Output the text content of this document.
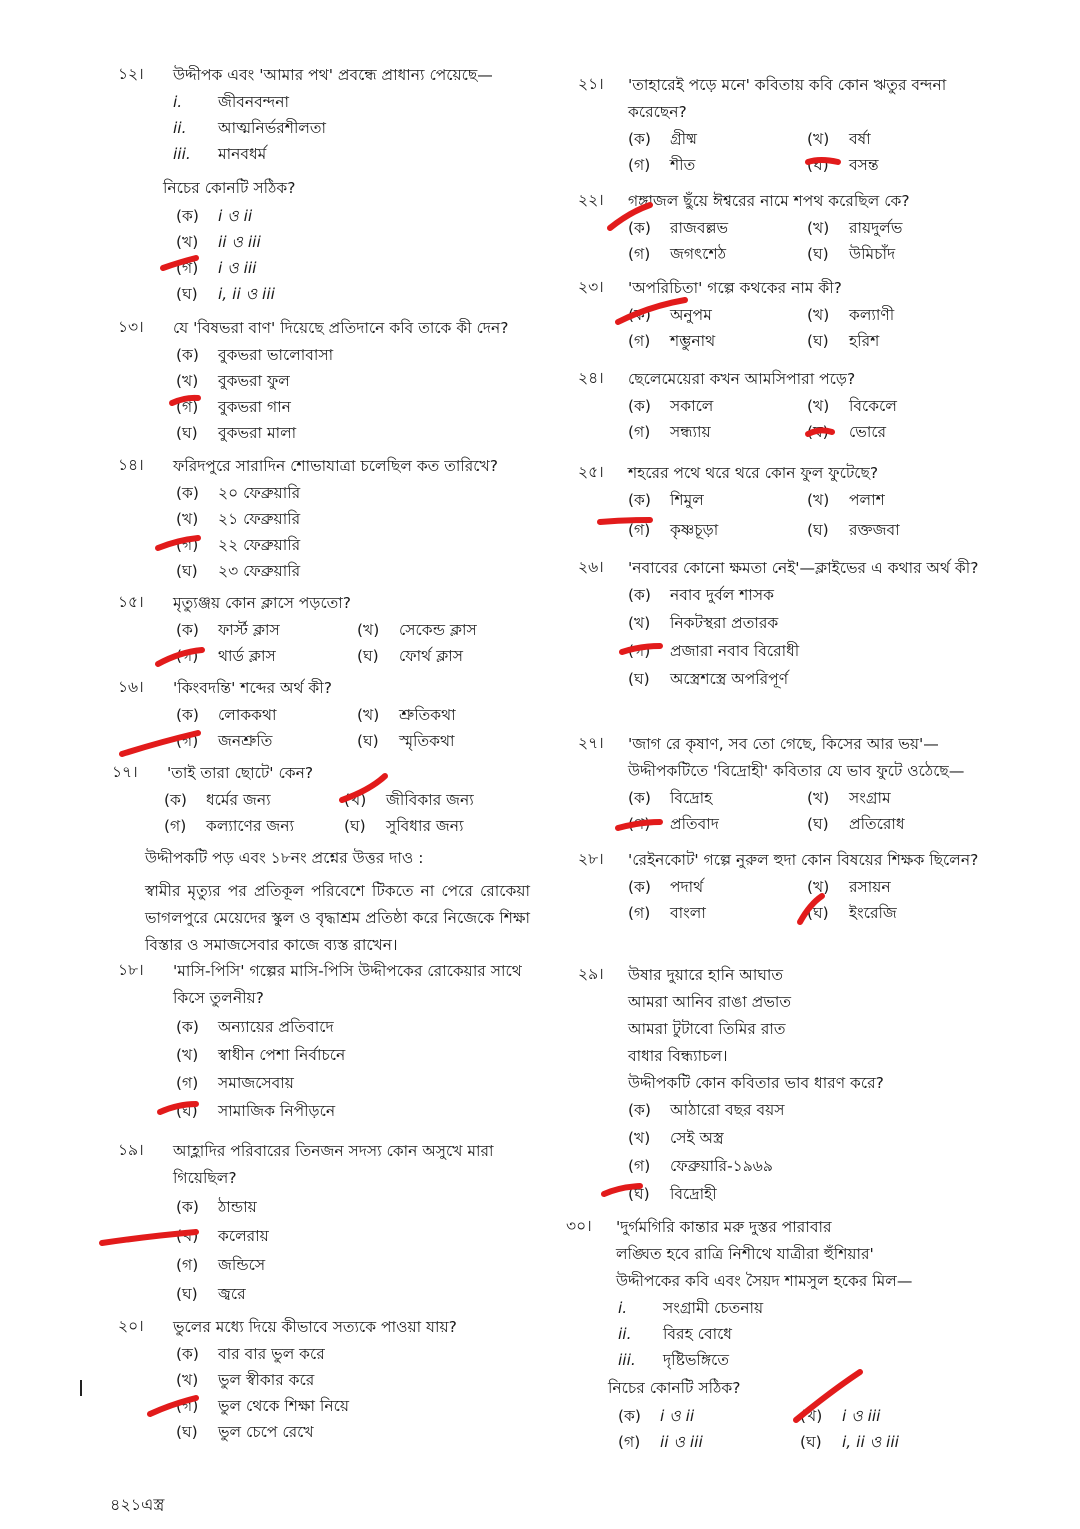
১২।	উদ্দীপক এবং 'আমার পথ' প্রবন্ধে প্রাধান্য পেয়েছে—
i.	জীবনবন্দনা
ii.	আত্মনির্ভরশীলতা
iii.	মানবধর্ম
নিচের কোনটি সঠিক?
(ক)	i ও ii
(খ)	ii ও iii
(গ)	i ও iii
(ঘ)	i, ii ও iii
১৩।	যে 'বিষভরা বাণ' দিয়েছে প্রতিদানে কবি তাকে কী দেন?
(ক)	বুকভরা ভালোবাসা
(খ)	বুকভরা ফুল
(গ)	বুকভরা গান
(ঘ)	বুকভরা মালা
১৪।	ফরিদপুরে সারাদিন শোভাযাত্রা চলেছিল কত তারিখে?
(ক)	২০ ফেব্রুয়ারি
(খ)	২১ ফেব্রুয়ারি
(গ)	২২ ফেব্রুয়ারি
(ঘ)	২৩ ফেব্রুয়ারি
১৫।	মৃত্যুঞ্জয় কোন ক্লাসে পড়তো?
(ক)	ফার্স্ট ক্লাস	(খ)	সেকেন্ড ক্লাস
(গ)	থার্ড ক্লাস	(ঘ)	ফোর্থ ক্লাস
১৬।	'কিংবদন্তি' শব্দের অর্থ কী?
(ক)	লোককথা	(খ)	শ্রুতিকথা
(গ)	জনশ্রুতি	(ঘ)	স্মৃতিকথা
১৭।	'তাই তারা ছোটে' কেন?
(ক)	ধর্মের জন্য	(খ)	জীবিকার জন্য
(গ)	কল্যাণের জন্য	(ঘ)	সুবিধার জন্য
উদ্দীপকটি পড় এবং ১৮নং প্রশ্নের উত্তর দাও :
স্বামীর মৃত্যুর পর প্রতিকূল পরিবেশে টিকতে না পেরে রোকেয়া ভাগলপুরে মেয়েদের স্কুল ও বৃদ্ধাশ্রম প্রতিষ্ঠা করে নিজেকে শিক্ষা বিস্তার ও সমাজসেবার কাজে ব্যস্ত রাখেন।
১৮।	'মাসি-পিসি' গল্পের মাসি-পিসি উদ্দীপকের রোকেয়ার সাথে কিসে তুলনীয়?
(ক)	অন্যায়ের প্রতিবাদে
(খ)	স্বাধীন পেশা নির্বাচনে
(গ)	সমাজসেবায়
(ঘ)	সামাজিক নিপীড়নে
১৯।	আহ্লাদির পরিবারের তিনজন সদস্য কোন অসুখে মারা গিয়েছিল?
(ক)	ঠান্ডায়
(খ)	কলেরায়
(গ)	জন্ডিসে
(ঘ)	জ্বরে
২০।	ভুলের মধ্যে দিয়ে কীভাবে সত্যকে পাওয়া যায়?
(ক)	বার বার ভুল করে
(খ)	ভুল স্বীকার করে
(গ)	ভুল থেকে শিক্ষা নিয়ে
(ঘ)	ভুল চেপে রেখে
২১।	'তাহারেই পড়ে মনে' কবিতায় কবি কোন ঋতুর বন্দনা করেছেন?
(ক)	গ্রীষ্ম	(খ)	বর্ষা
(গ)	শীত	(ঘ)	বসন্ত
২২।	গঙ্গাজল ছুঁয়ে ঈশ্বরের নামে শপথ করেছিল কে?
(ক)	রাজবল্লভ	(খ)	রায়দুর্লভ
(গ)	জগৎশেঠ	(ঘ)	উমিচাঁদ
২৩।	'অপরিচিতা' গল্পে কথকের নাম কী?
(ক)	অনুপম	(খ)	কল্যাণী
(গ)	শম্ভুনাথ	(ঘ)	হরিশ
২৪।	ছেলেমেয়েরা কখন আমসিপারা পড়ে?
(ক)	সকালে	(খ)	বিকেলে
(গ)	সন্ধ্যায়	(ঘ)	ভোরে
২৫।	শহরের পথে থরে থরে কোন ফুল ফুটেছে?
(ক)	শিমুল	(খ)	পলাশ
(গ)	কৃষ্ণচূড়া	(ঘ)	রক্তজবা
২৬।	'নবাবের কোনো ক্ষমতা নেই'—ক্লাইভের এ কথার অর্থ কী?
(ক)	নবাব দুর্বল শাসক
(খ)	নিকটস্থরা প্রতারক
(গ)	প্রজারা নবাব বিরোধী
(ঘ)	অস্ত্রেশস্ত্রে অপরিপূর্ণ
২৭।	'জাগ রে কৃষাণ, সব তো গেছে, কিসের আর ভয়'— উদ্দীপকটিতে 'বিদ্রোহী' কবিতার যে ভাব ফুটে ওঠেছে—
(ক)	বিদ্রোহ	(খ)	সংগ্রাম
(গ)	প্রতিবাদ	(ঘ)	প্রতিরোধ
২৮।	'রেইনকোট' গল্পে নুরুল হুদা কোন বিষয়ের শিক্ষক ছিলেন?
(ক)	পদার্থ	(খ)	রসায়ন
(গ)	বাংলা	(ঘ)	ইংরেজি
২৯।	উষার দুয়ারে হানি আঘাত
আমরা আনিব রাঙা প্রভাত
আমরা টুটাবো তিমির রাত
বাধার বিন্ধ্যাচল।
উদ্দীপকটি কোন কবিতার ভাব ধারণ করে?
(ক)	আঠারো বছর বয়স
(খ)	সেই অস্ত্র
(গ)	ফেব্রুয়ারি-১৯৬৯
(ঘ)	বিদ্রোহী
৩০।	'দুর্গমগিরি কান্তার মরু দুস্তর পারাবার
লঙ্ঘিত হবে রাত্রি নিশীথে যাত্রীরা হুঁশিয়ার'
উদ্দীপকের কবি এবং সৈয়দ শামসুল হকের মিল—
i.	সংগ্রামী চেতনায়
ii.	বিরহ বোধে
iii.	দৃষ্টিভঙ্গিতে
নিচের কোনটি সঠিক?
(ক)	i ও ii	(খ)	i ও iii
(গ)	ii ও iii	(ঘ)	i, ii ও iii
৪২১এস্ত্র
